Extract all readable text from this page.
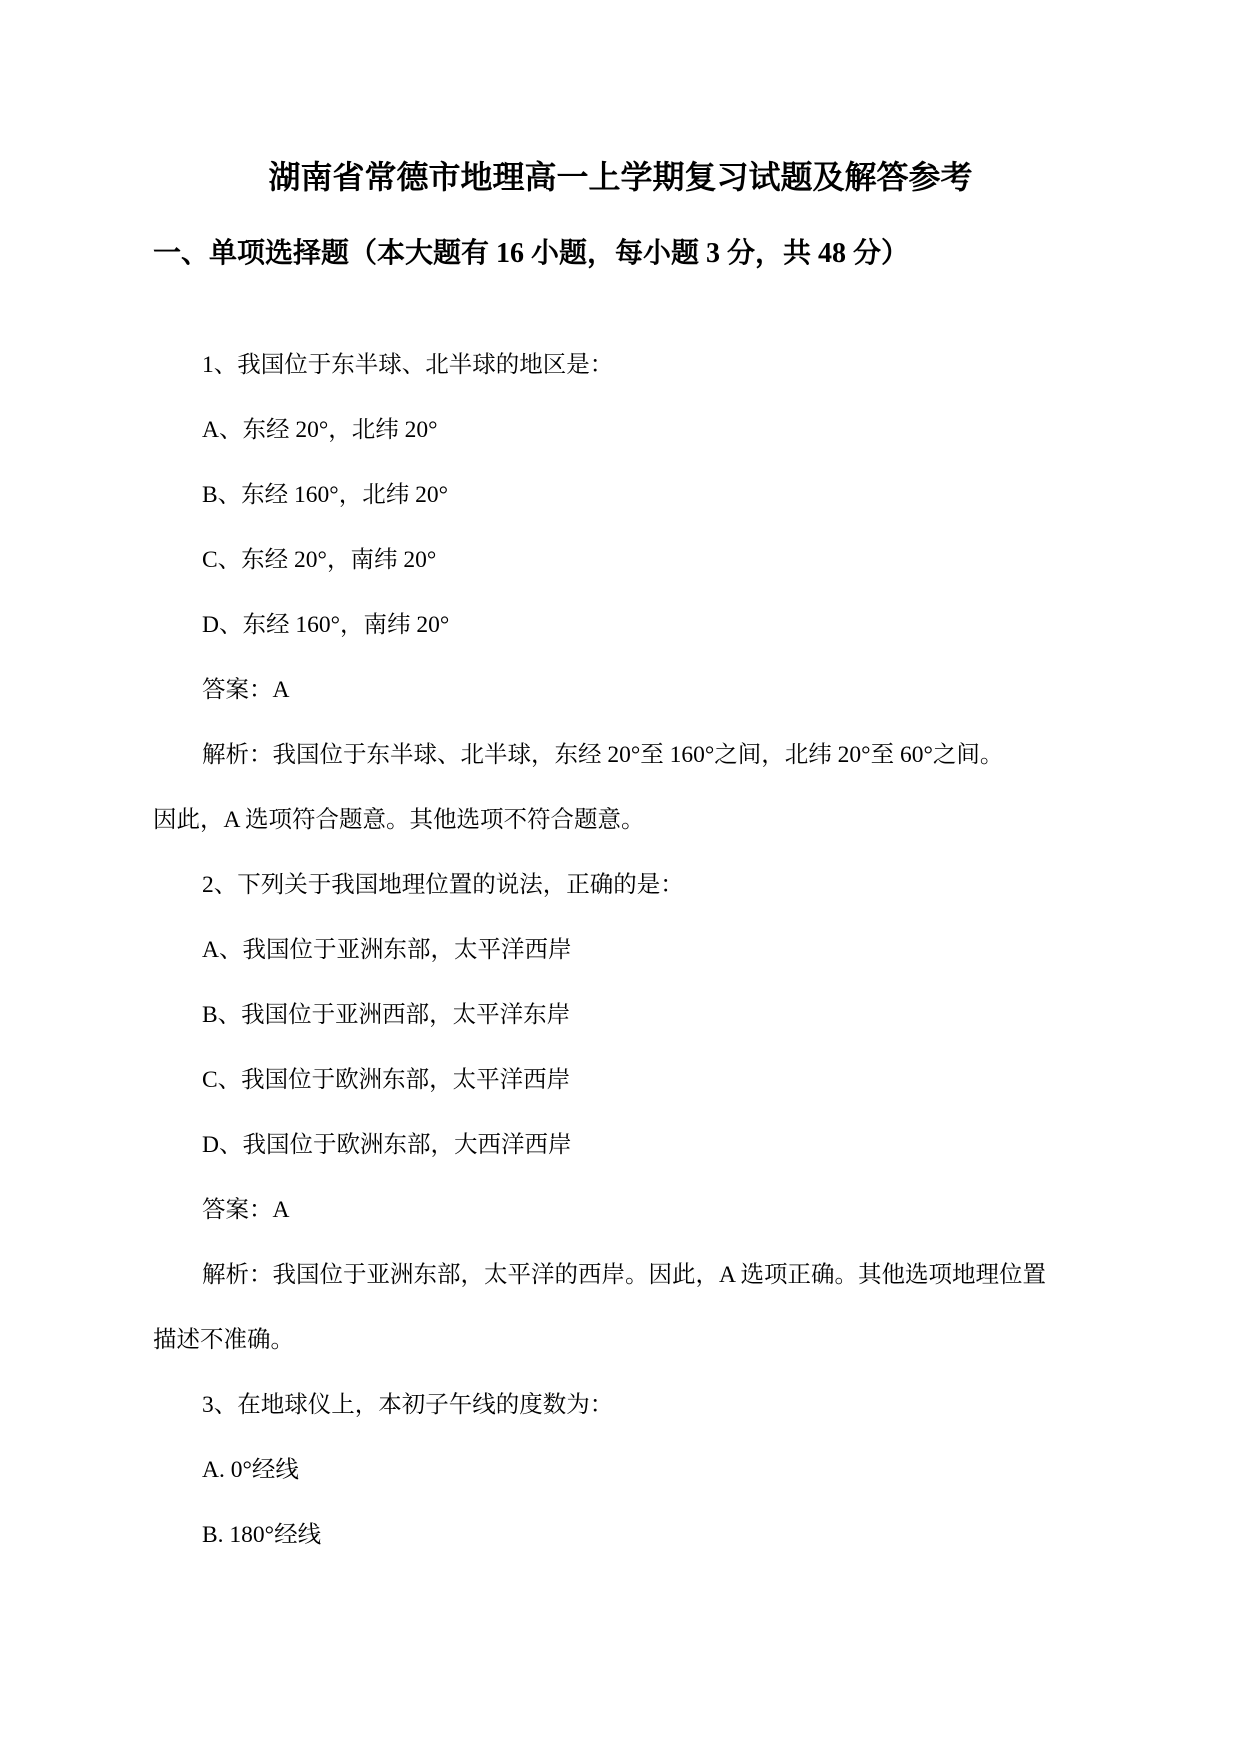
湖南省常德市地理高一上学期复习试题及解答参考
一、单项选择题（本大题有 16 小题，每小题 3 分，共 48 分）
1、我国位于东半球、北半球的地区是：
A、东经 20°，北纬 20°
B、东经 160°，北纬 20°
C、东经 20°，南纬 20°
D、东经 160°，南纬 20°
答案：A
解析：我国位于东半球、北半球，东经 20°至 160°之间，北纬 20°至 60°之间。
因此，A 选项符合题意。其他选项不符合题意。
2、下列关于我国地理位置的说法，正确的是：
A、我国位于亚洲东部，太平洋西岸
B、我国位于亚洲西部，太平洋东岸
C、我国位于欧洲东部，太平洋西岸
D、我国位于欧洲东部，大西洋西岸
答案：A
解析：我国位于亚洲东部，太平洋的西岸。因此，A 选项正确。其他选项地理位置
描述不准确。
3、在地球仪上，本初子午线的度数为：
A. 0°经线
B. 180°经线
